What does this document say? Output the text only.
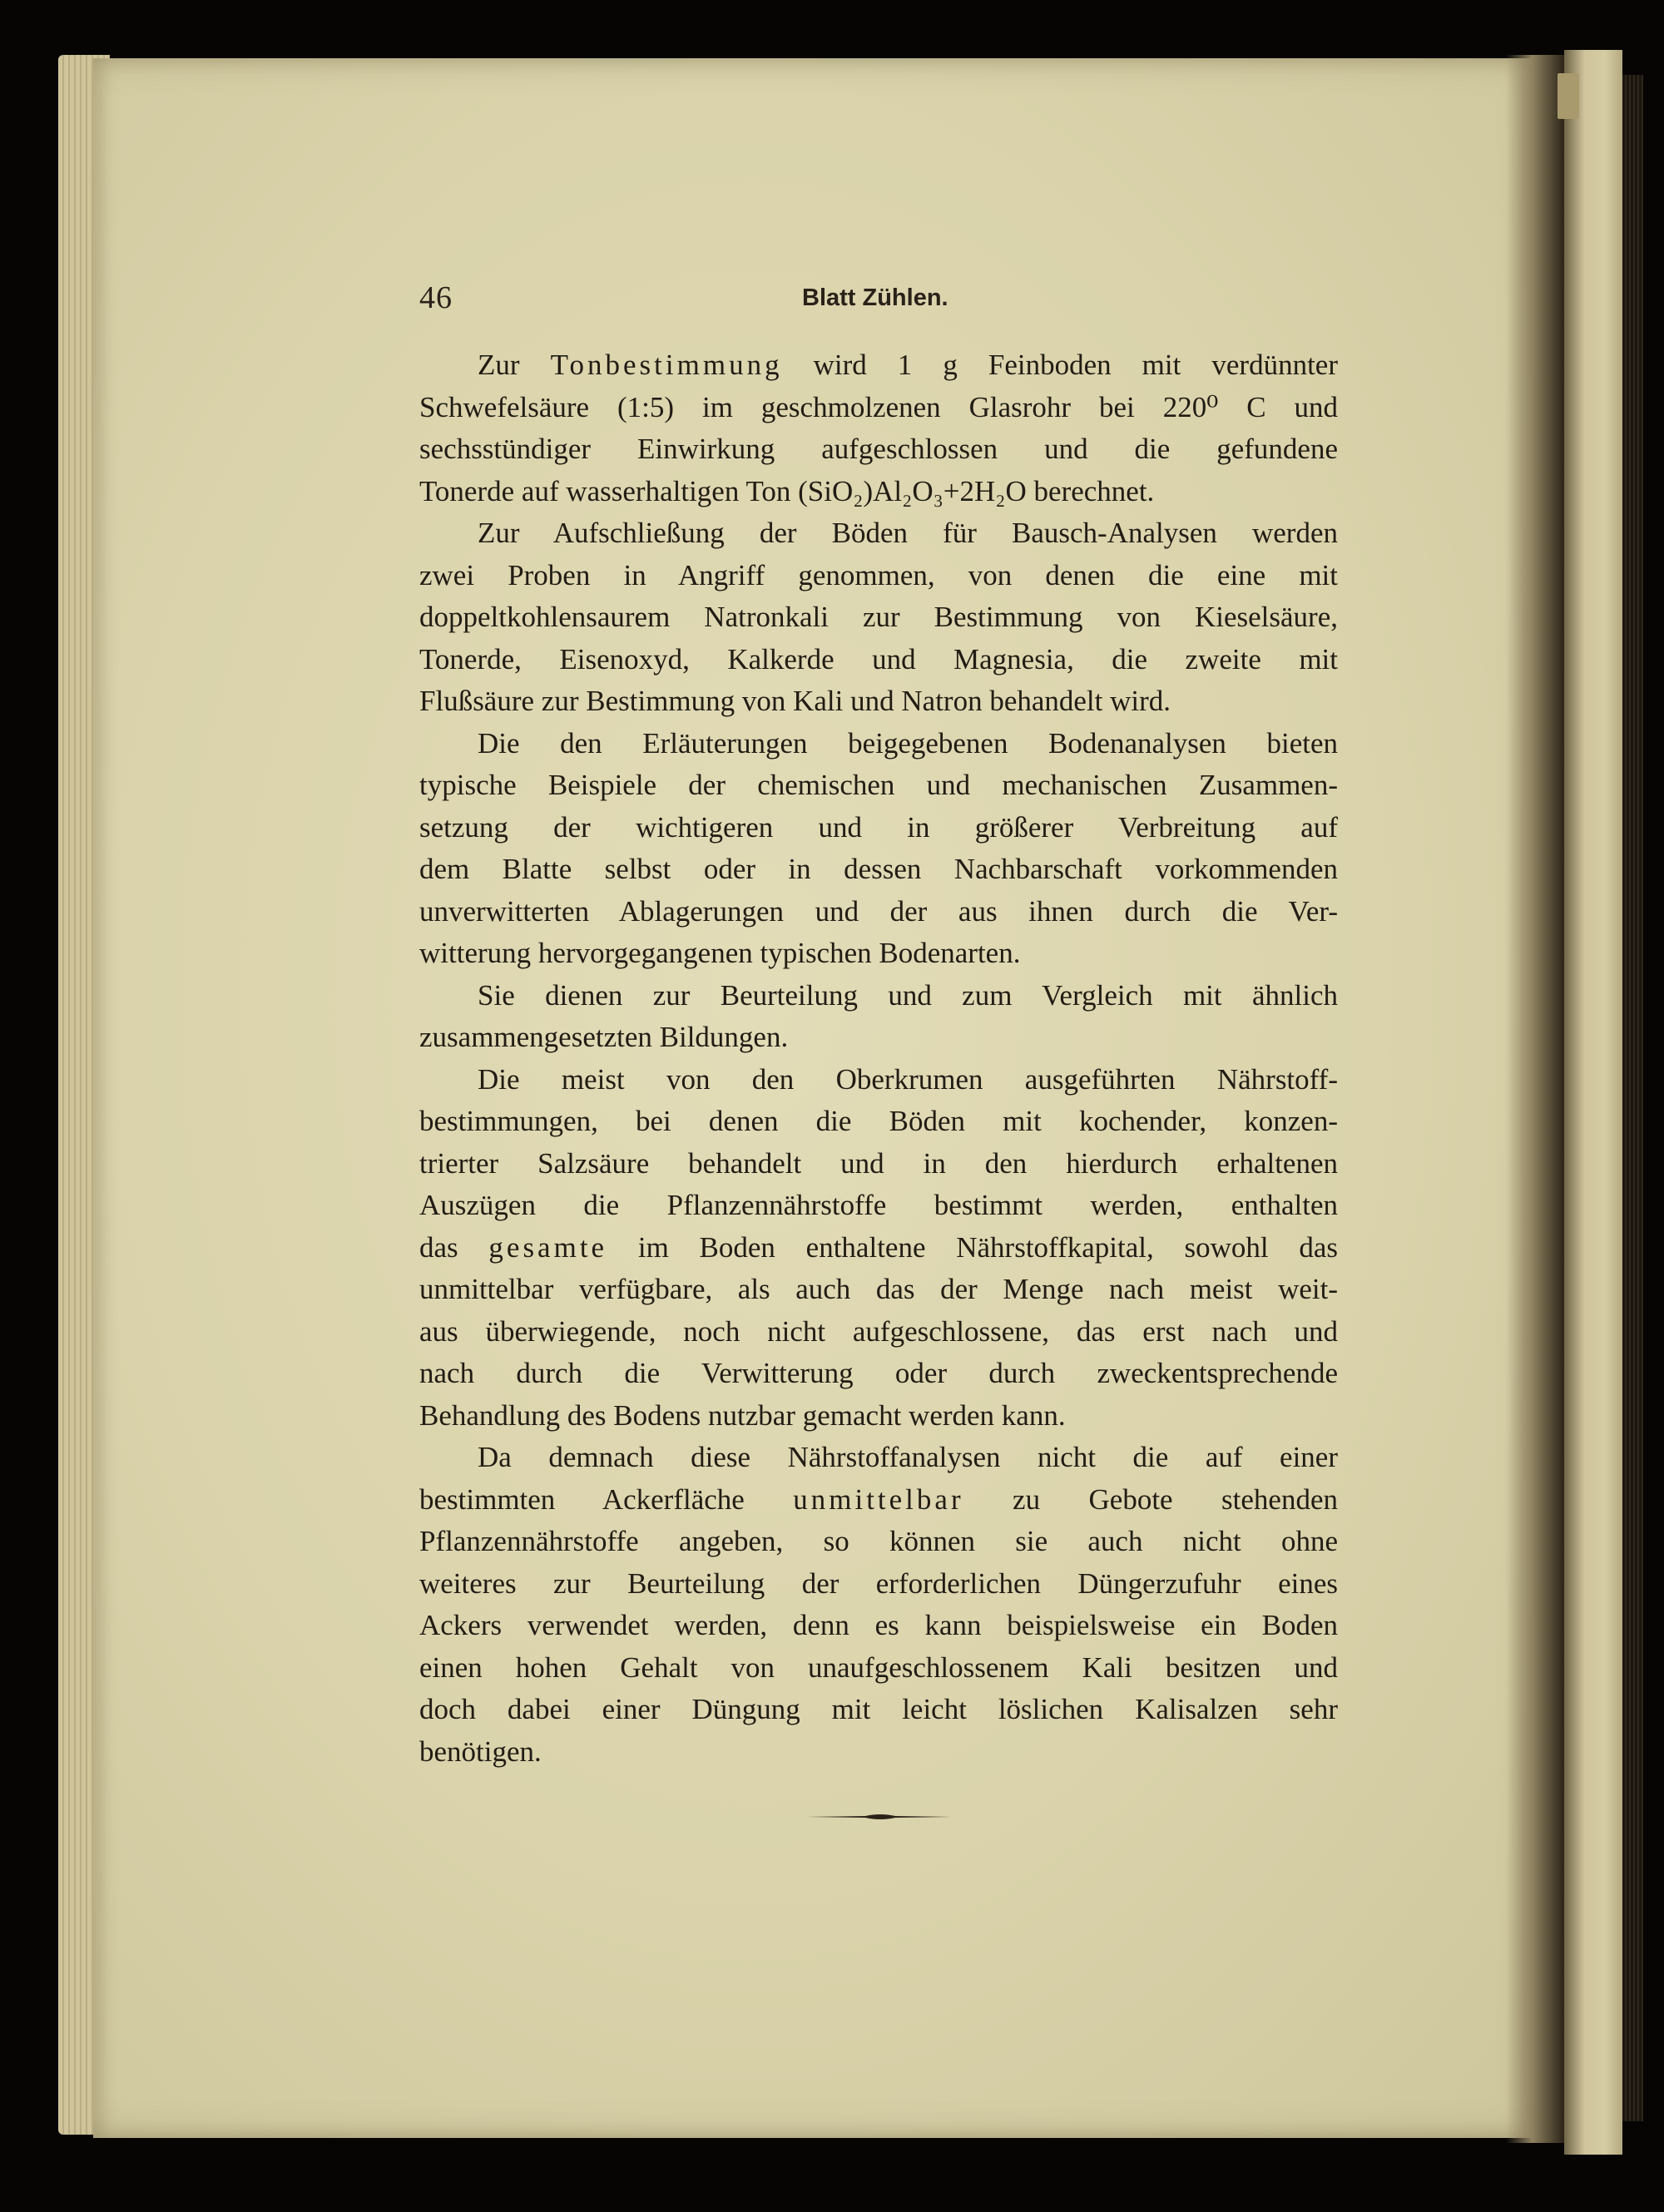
46	Blatt Zühlen.
Zur Tonbestimmung wird 1 g Feinboden mit verdünnter
Schwefelsäure (1:5) im geschmolzenen Glasrohr bei 220⁰ C und
sechsstündiger Einwirkung aufgeschlossen und die gefundene
Tonerde auf wasserhaltigen Ton (SiO₂)Al₂O₃+2H₂O berechnet.
Zur Aufschließung der Böden für Bausch-Analysen werden
zwei Proben in Angriff genommen, von denen die eine mit
doppeltkohlensaurem Natronkali zur Bestimmung von Kieselsäure,
Tonerde, Eisenoxyd, Kalkerde und Magnesia, die zweite mit
Flußsäure zur Bestimmung von Kali und Natron behandelt wird.
Die den Erläuterungen beigegebenen Bodenanalysen bieten
typische Beispiele der chemischen und mechanischen Zusammen-
setzung der wichtigeren und in größerer Verbreitung auf
dem Blatte selbst oder in dessen Nachbarschaft vorkommenden
unverwitterten Ablagerungen und der aus ihnen durch die Ver-
witterung hervorgegangenen typischen Bodenarten.
Sie dienen zur Beurteilung und zum Vergleich mit ähnlich
zusammengesetzten Bildungen.
Die meist von den Oberkrumen ausgeführten Nährstoff-
bestimmungen, bei denen die Böden mit kochender, konzen-
trierter Salzsäure behandelt und in den hierdurch erhaltenen
Auszügen die Pflanzennährstoffe bestimmt werden, enthalten
das gesamte im Boden enthaltene Nährstoffkapital, sowohl das
unmittelbar verfügbare, als auch das der Menge nach meist weit-
aus überwiegende, noch nicht aufgeschlossene, das erst nach und
nach durch die Verwitterung oder durch zweckentsprechende
Behandlung des Bodens nutzbar gemacht werden kann.
Da demnach diese Nährstoffanalysen nicht die auf einer
bestimmten Ackerfläche unmittelbar zu Gebote stehenden
Pflanzennährstoffe angeben, so können sie auch nicht ohne
weiteres zur Beurteilung der erforderlichen Düngerzufuhr eines
Ackers verwendet werden, denn es kann beispielsweise ein Boden
einen hohen Gehalt von unaufgeschlossenem Kali besitzen und
doch dabei einer Düngung mit leicht löslichen Kalisalzen sehr
benötigen.
